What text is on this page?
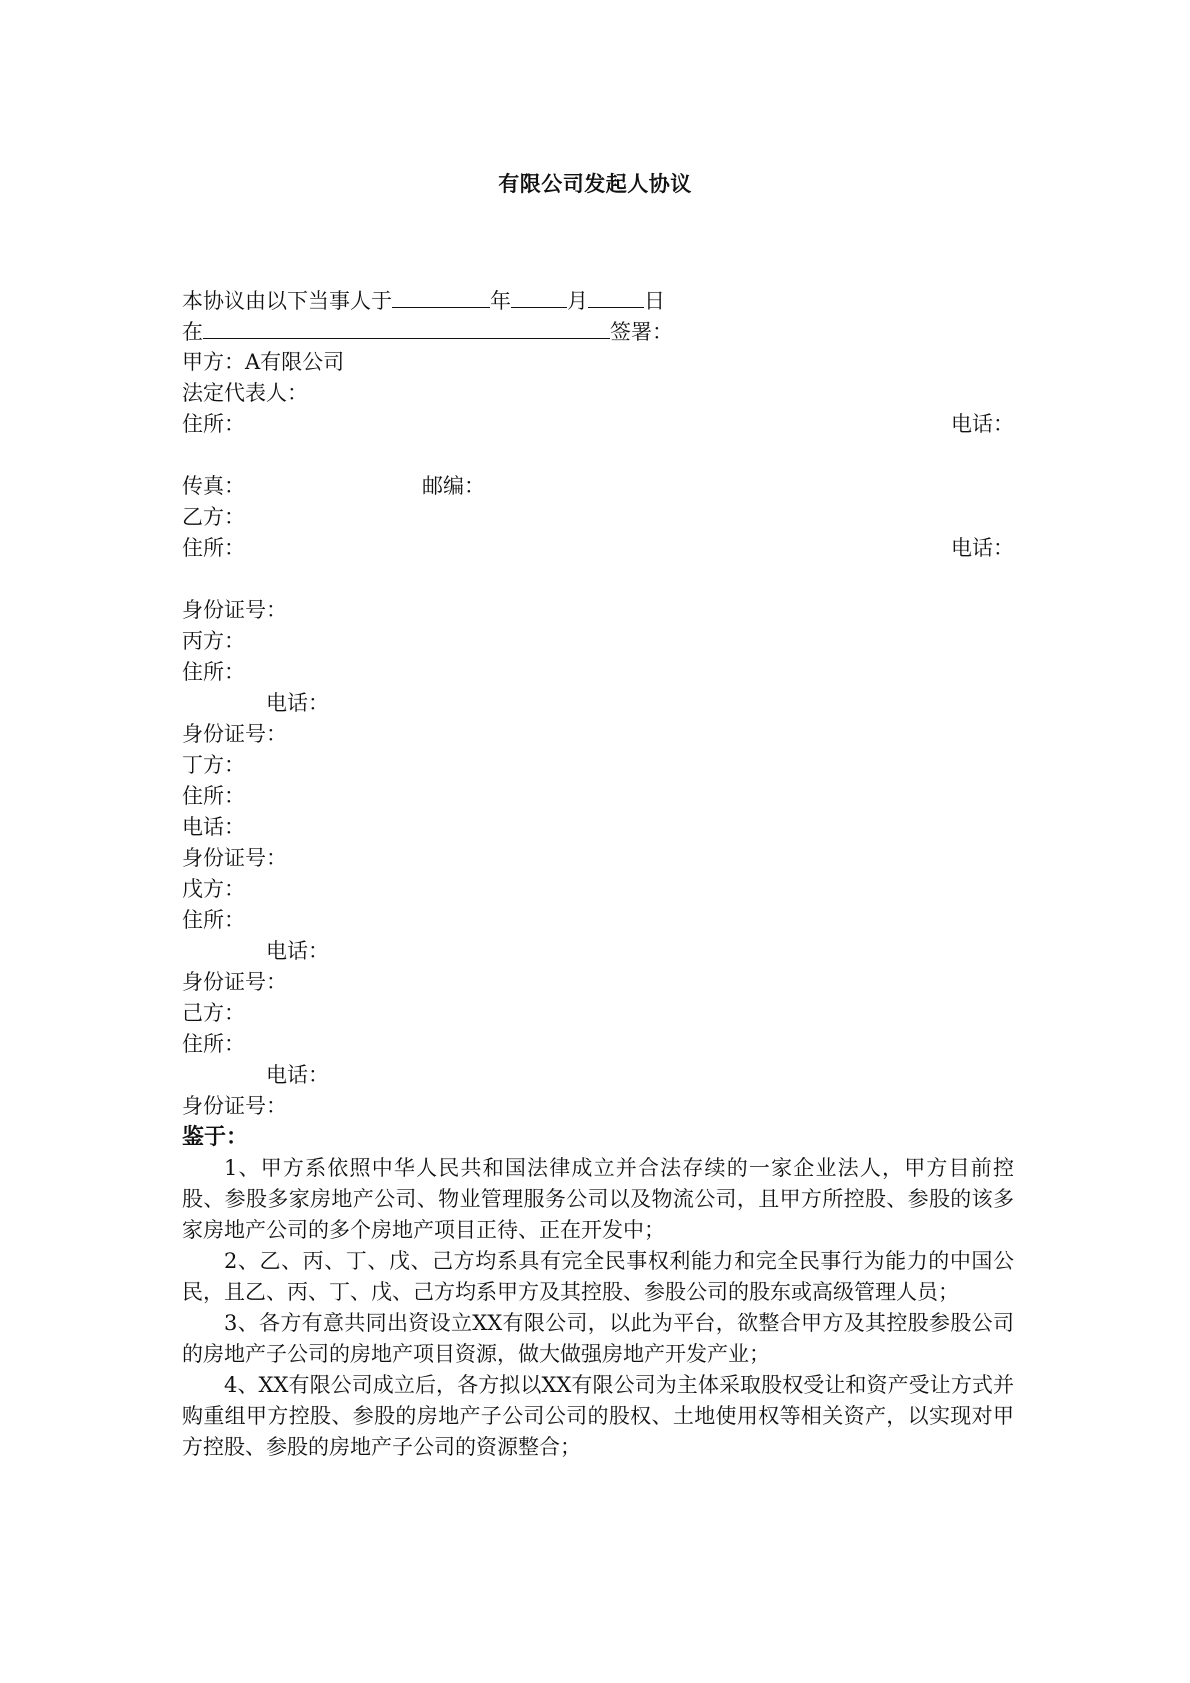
有限公司发起人协议
本协议由以下当事人于	年	月	日
在	签署：
甲方：A有限公司
法定代表人：
住所：	电话：
传真：	邮编：
乙方：
住所：	电话：
身份证号：
丙方：
住所：
电话：
身份证号：
丁方：
住所：
电话：
身份证号：
戊方：
住所：
电话：
身份证号：
己方：
住所：
电话：
身份证号：
鉴于：

1、甲方系依照中华人民共和国法律成立并合法存续的一家企业法人，甲方目前控股、参股多家房地产公司、物业管理服务公司以及物流公司，且甲方所控股、参股的该多家房地产公司的多个房地产项目正待、正在开发中；

2、乙、丙、丁、戊、己方均系具有完全民事权利能力和完全民事行为能力的中国公民，且乙、丙、丁、戊、己方均系甲方及其控股、参股公司的股东或高级管理人员；

3、各方有意共同出资设立XX有限公司，以此为平台，欲整合甲方及其控股参股公司的房地产子公司的房地产项目资源，做大做强房地产开发产业；

4、XX有限公司成立后，各方拟以XX有限公司为主体采取股权受让和资产受让方式并购重组甲方控股、参股的房地产子公司公司的股权、土地使用权等相关资产，以实现对甲方控股、参股的房地产子公司的资源整合；
